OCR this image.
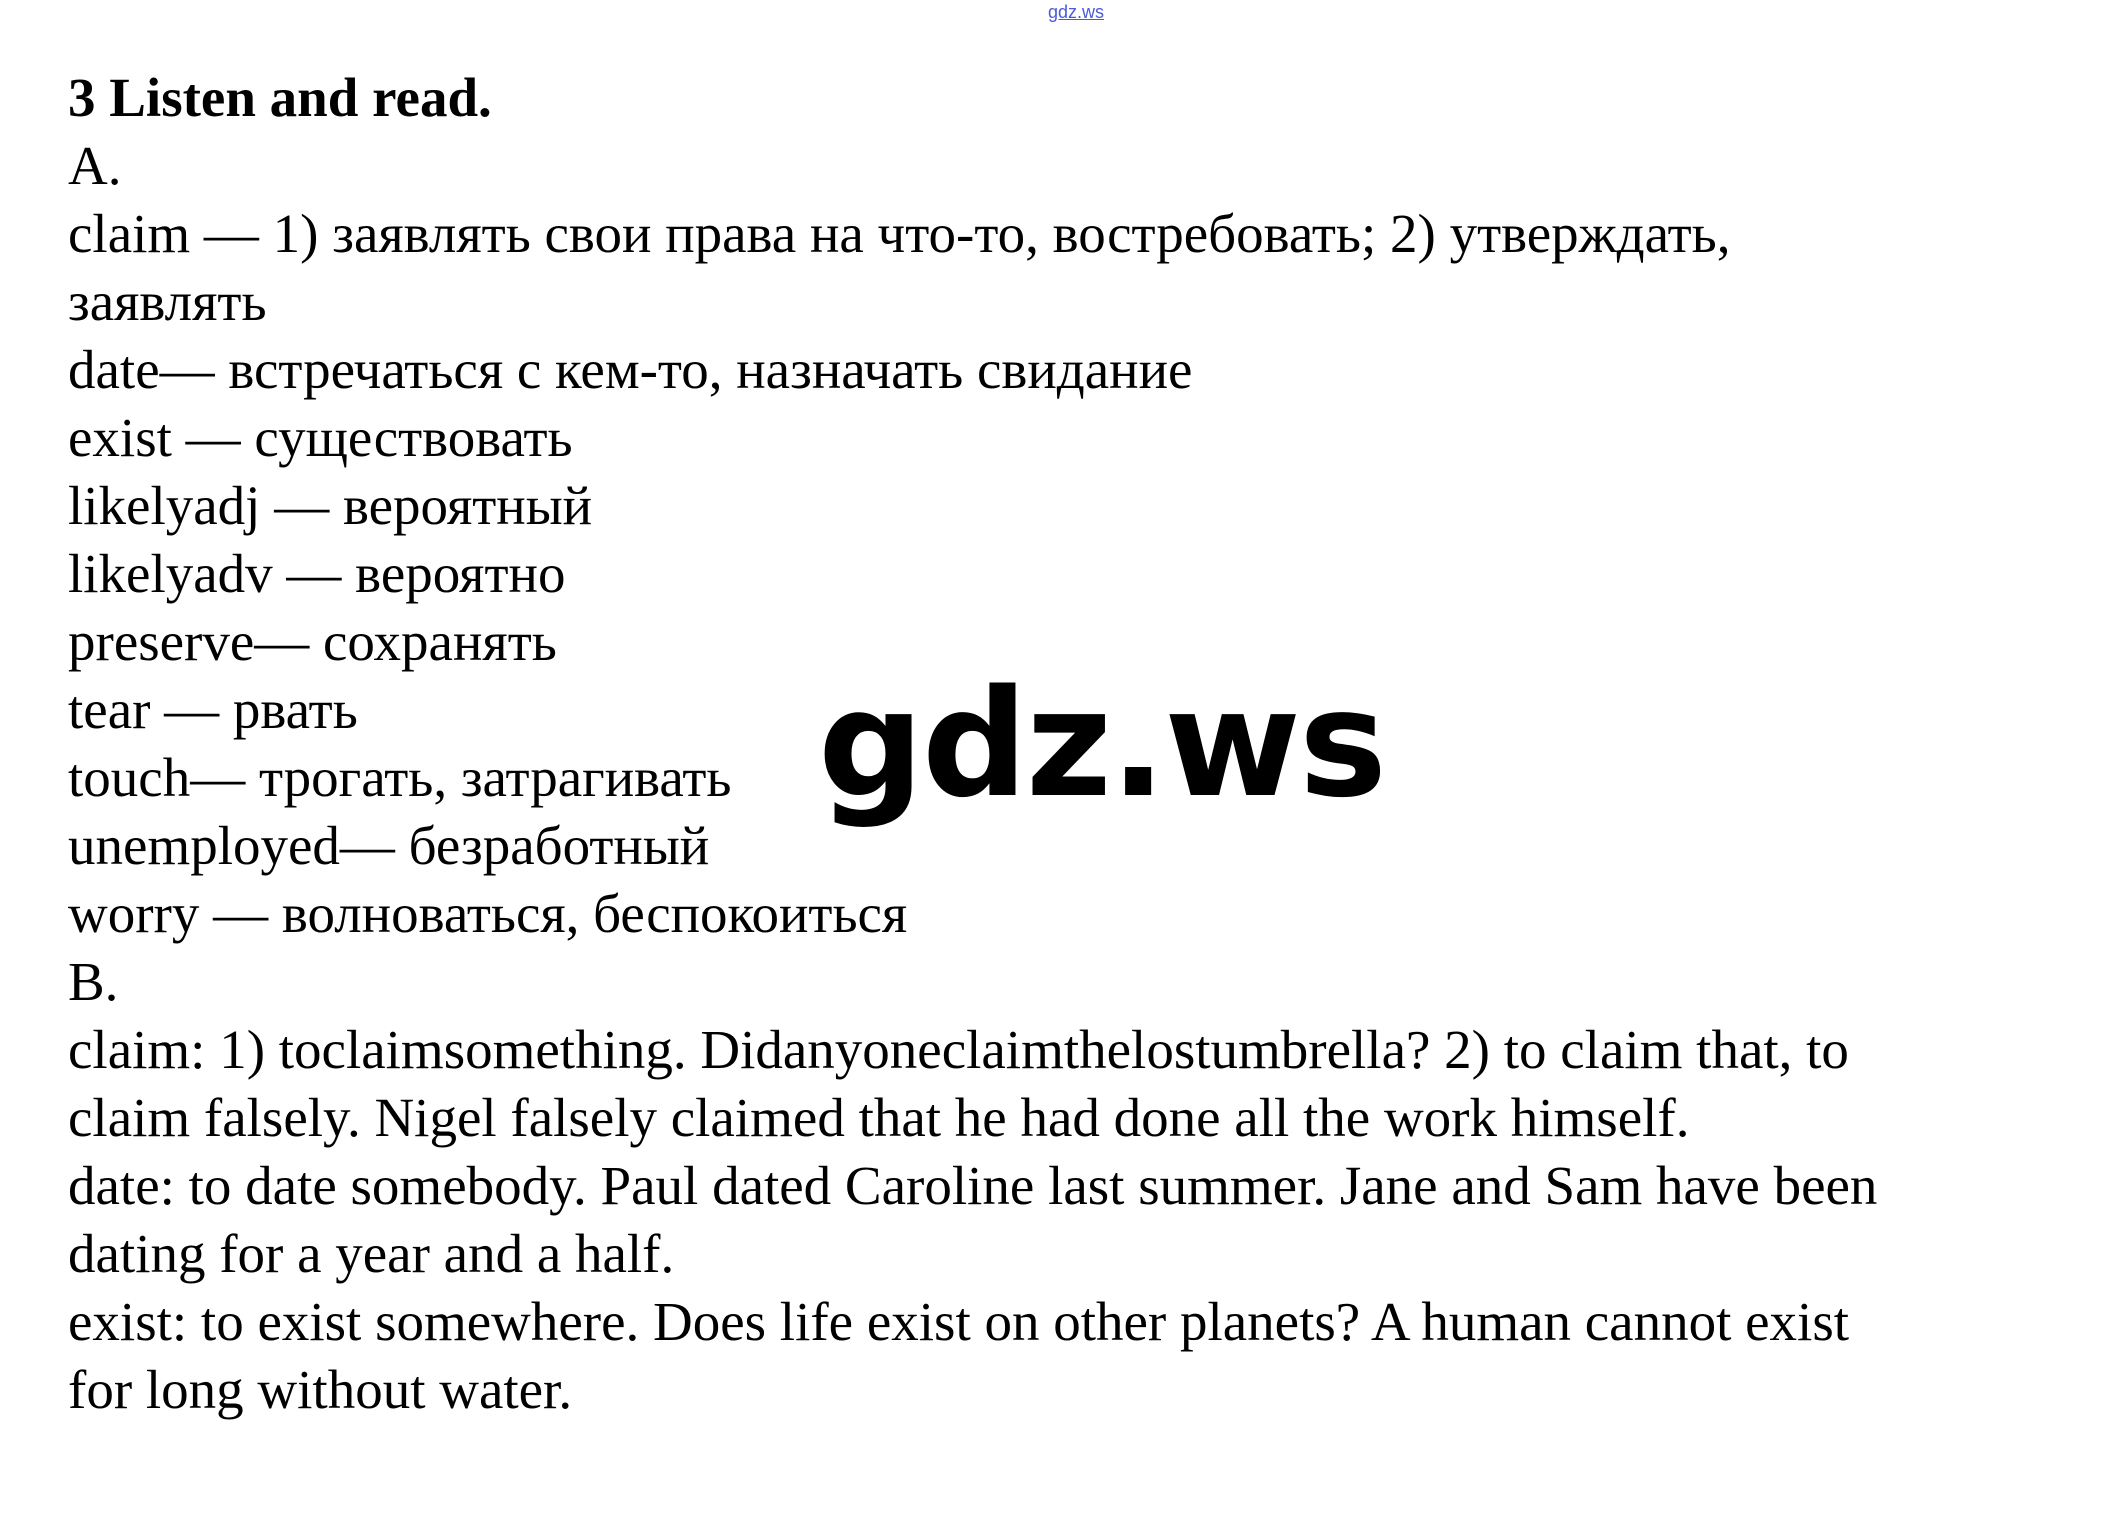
gdz.ws
3 Listen and read.
A.
claim — 1) заявлять свои права на что-то, востребовать; 2) утверждать,
заявлять
date— встречаться с кем-то, назначать свидание
exist — существовать
likelyadj — вероятный
likelyadv — вероятно
preserve— сохранять
tear — рвать
touch— трогать, затрагивать
unemployed— безработный
worry — волноваться, беспокоиться
B.
claim: 1) toclaimsomething. Didanyoneclaimthelostumbrella? 2) to claim that, to
claim falsely. Nigel falsely claimed that he had done all the work himself.
date: to date somebody. Paul dated Caroline last summer. Jane and Sam have been
dating for a year and a half.
exist: to exist somewhere. Does life exist on other planets? A human cannot exist
for long without water.
gdz.ws
